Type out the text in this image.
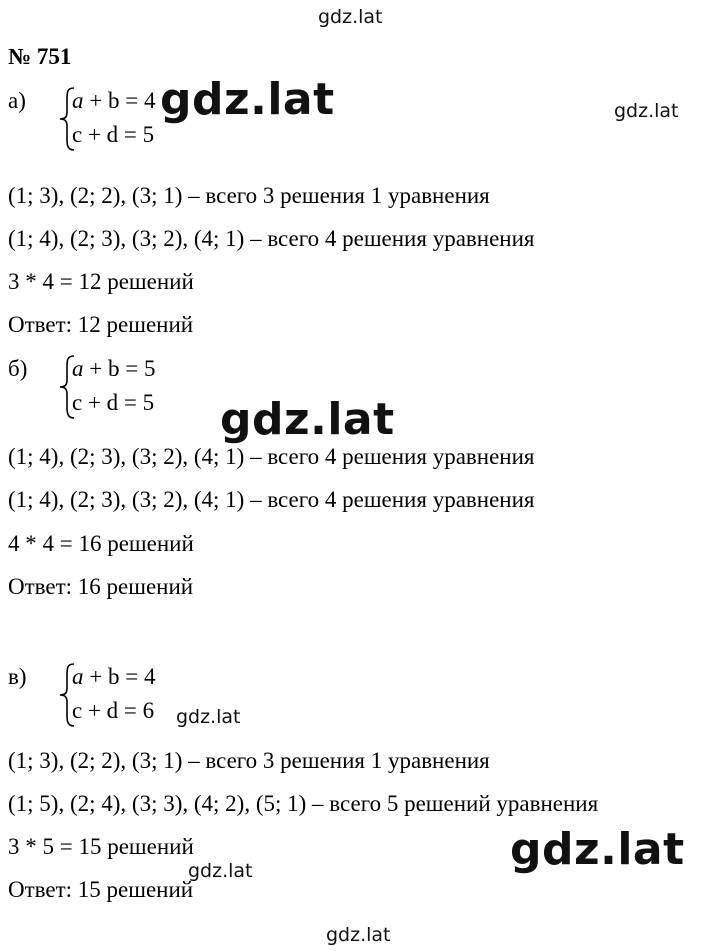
gdz.lat
gdz.lat	gdz.lat
gdz.lat
gdz.lat
gdz.lat
gdz.lat
gdz.lat
№ 751
а) a + b = 4
c + d = 5
(1; 3), (2; 2), (3; 1) – всего 3 решения 1 уравнения
(1; 4), (2; 3), (3; 2), (4; 1) – всего 4 решения уравнения
3 * 4 = 12 решений
Ответ: 12 решений
б) a + b = 5
c + d = 5
(1; 4), (2; 3), (3; 2), (4; 1) – всего 4 решения уравнения
(1; 4), (2; 3), (3; 2), (4; 1) – всего 4 решения уравнения
4 * 4 = 16 решений
Ответ: 16 решений
в) a + b = 4
c + d = 6
(1; 3), (2; 2), (3; 1) – всего 3 решения 1 уравнения
(1; 5), (2; 4), (3; 3), (4; 2), (5; 1) – всего 5 решений уравнения
3 * 5 = 15 решений
Ответ: 15 решений
